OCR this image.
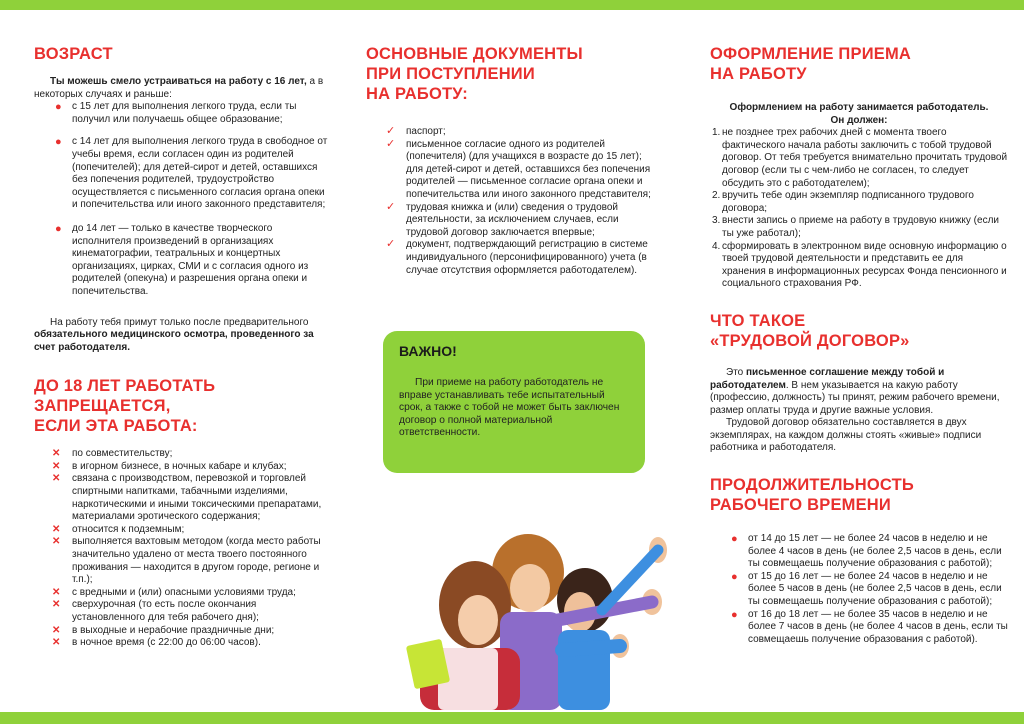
ВОЗРАСТ

Ты можешь смело устраиваться на работу с 16 лет, а в некоторых случаях и раньше:

● с 15 лет для выполнения легкого труда, если ты получил или получаешь общее образование;
● с 14 лет для выполнения легкого труда в свободное от учебы время, если согласен один из родителей (попечителей); для детей-сирот и детей, оставшихся без попечения родителей, трудоустройство осуществляется с письменного согласия органа опеки и попечительства или иного законного представителя;
● до 14 лет — только в качестве творческого исполнителя произведений в организациях кинематографии, театральных и концертных организациях, цирках, СМИ и с согласия одного из родителей (опекуна) и разрешения органа опеки и попечительства.

На работу тебя примут только после предварительного обязательного медицинского осмотра, проведенного за счет работодателя.

ДО 18 ЛЕТ РАБОТАТЬ
ЗАПРЕЩАЕТСЯ,
ЕСЛИ ЭТА РАБОТА:
✕ по совместительству;
✕ в игорном бизнесе, в ночных кабаре и клубах;
✕ связана с производством, перевозкой и торговлей спиртными напитками, табачными изделиями, наркотическими и иными токсическими препаратами, материалами эротического содержания;
✕ относится к подземным;
✕ выполняется вахтовым методом (когда место работы значительно удалено от места твоего постоянного проживания — находится в другом городе, регионе и т.п.);
✕ с вредными и (или) опасными условиями труда;
✕ сверхурочная (то есть после окончания установленного для тебя рабочего дня);
✕ в выходные и нерабочие праздничные дни;
✕ в ночное время (с 22:00 до 06:00 часов).
ОСНОВНЫЕ ДОКУМЕНТЫ
ПРИ ПОСТУПЛЕНИИ
НА РАБОТУ:
✓ паспорт;
✓ письменное согласие одного из родителей (попечителя) (для учащихся в возрасте до 15 лет); для детей-сирот и детей, оставшихся без попечения родителей — письменное согласие органа опеки и попечительства или иного законного представителя;
✓ трудовая книжка и (или) сведения о трудовой деятельности, за исключением случаев, если трудовой договор заключается впервые;
✓ документ, подтверждающий регистрацию в системе индивидуального (персонифицированного) учета (в случае отсутствия оформляется работодателем).
ВАЖНО!

При приеме на работу работодатель не вправе устанавливать тебе испытательный срок, а также с тобой не может быть заключен договор о полной материальной ответственности.

ОФОРМЛЕНИЕ ПРИЕМА
НА РАБОТУ

Оформлением на работу занимается работодатель.
Он должен:

1. не позднее трех рабочих дней с момента твоего фактического начала работы заключить с тобой трудовой договор. От тебя требуется внимательно прочитать трудовой договор (если ты с чем-либо не согласен, то следует обсудить это с работодателем);
2. вручить тебе один экземпляр подписанного трудового договора;
3. внести запись о приеме на работу в трудовую книжку (если ты уже работал);
4. сформировать в электронном виде основную информацию о твоей трудовой деятельности и представить ее для хранения в информационных ресурсах Фонда пенсионного и социального страхования РФ.
ЧТО ТАКОЕ
«ТРУДОВОЙ ДОГОВОР»

Это письменное соглашение между тобой и работодателем. В нем указывается на какую работу (профессию, должность) ты принят, режим рабочего времени, размер оплаты труда и другие важные условия.

Трудовой договор обязательно составляется в двух экземплярах, на каждом должны стоять «живые» подписи работника и работодателя.

ПРОДОЛЖИТЕЛЬНОСТЬ
РАБОЧЕГО ВРЕМЕНИ
● от 14 до 15 лет — не более 24 часов в неделю и не более 4 часов в день (не более 2,5 часов в день, если ты совмещаешь получение образования с работой);
● от 15 до 16 лет — не более 24 часов в неделю и не более 5 часов в день (не более 2,5 часов в день, если ты совмещаешь получение образования с работой);
● от 16 до 18 лет — не более 35 часов в неделю и не более 7 часов в день (не более 4 часов в день, если ты совмещаешь получение образования с работой).
